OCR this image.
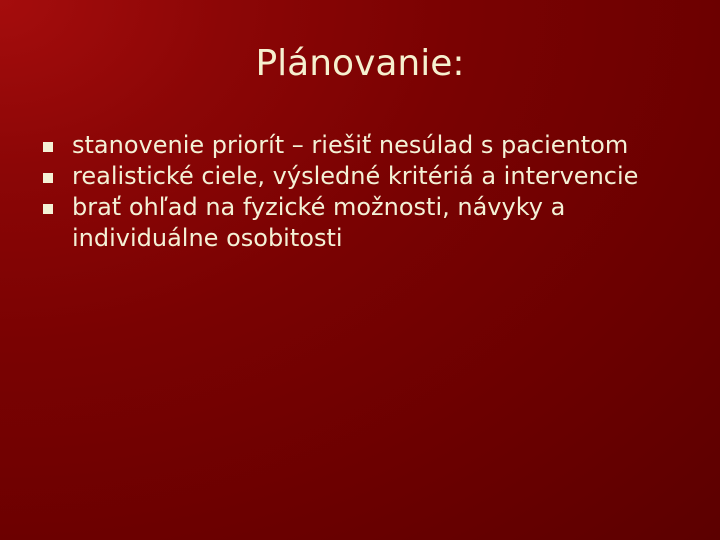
Plánovanie:
stanovenie priorít – riešiť nesúlad s pacientom
realistické ciele, výsledné kritériá a intervencie
brať ohľad na fyzické možnosti, návyky a individuálne osobitosti
